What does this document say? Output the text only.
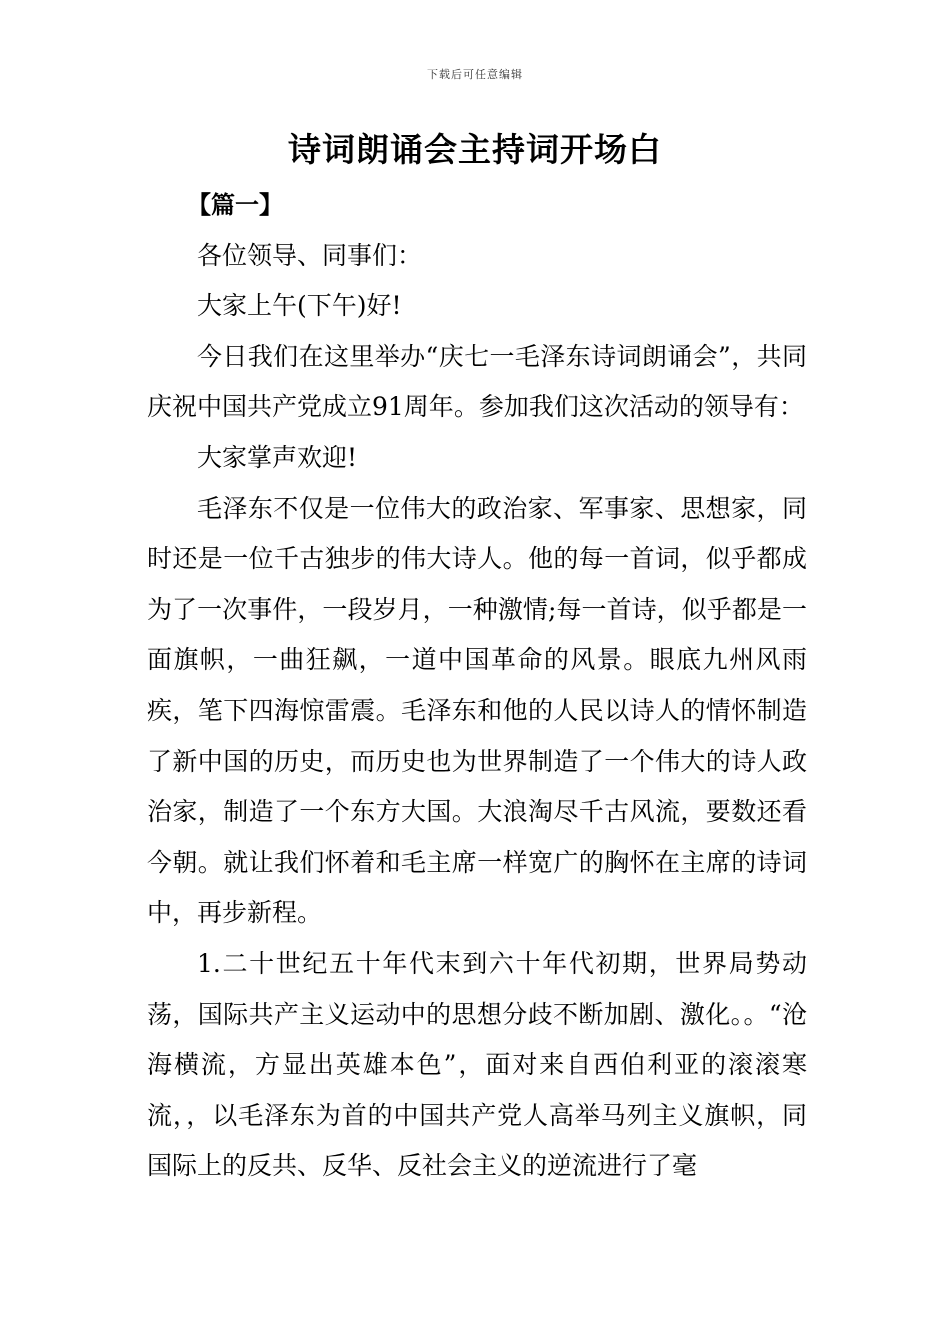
下载后可任意编辑
诗词朗诵会主持词开场白
【篇一】

各位领导、同事们：

大家上午(下午)好!

今日我们在这里举办“庆七一毛泽东诗词朗诵会”，共同庆祝中国共产党成立91周年。参加我们这次活动的领导有：

大家掌声欢迎!

毛泽东不仅是一位伟大的政治家、军事家、思想家，同时还是一位千古独步的伟大诗人。他的每一首词，似乎都成为了一次事件，一段岁月，一种激情;每一首诗，似乎都是一面旗帜，一曲狂飙，一道中国革命的风景。眼底九州风雨疾，笔下四海惊雷震。毛泽东和他的人民以诗人的情怀制造了新中国的历史，而历史也为世界制造了一个伟大的诗人政治家，制造了一个东方大国。大浪淘尽千古风流，要数还看今朝。就让我们怀着和毛主席一样宽广的胸怀在主席的诗词中，再步新程。

1.二十世纪五十年代末到六十年代初期，世界局势动荡，国际共产主义运动中的思想分歧不断加剧、激化。。“沧海横流，方显出英雄本色”，面对来自西伯利亚的滚滚寒流，，以毛泽东为首的中国共产党人高举马列主义旗帜，同国际上的反共、反华、反社会主义的逆流进行了毫
